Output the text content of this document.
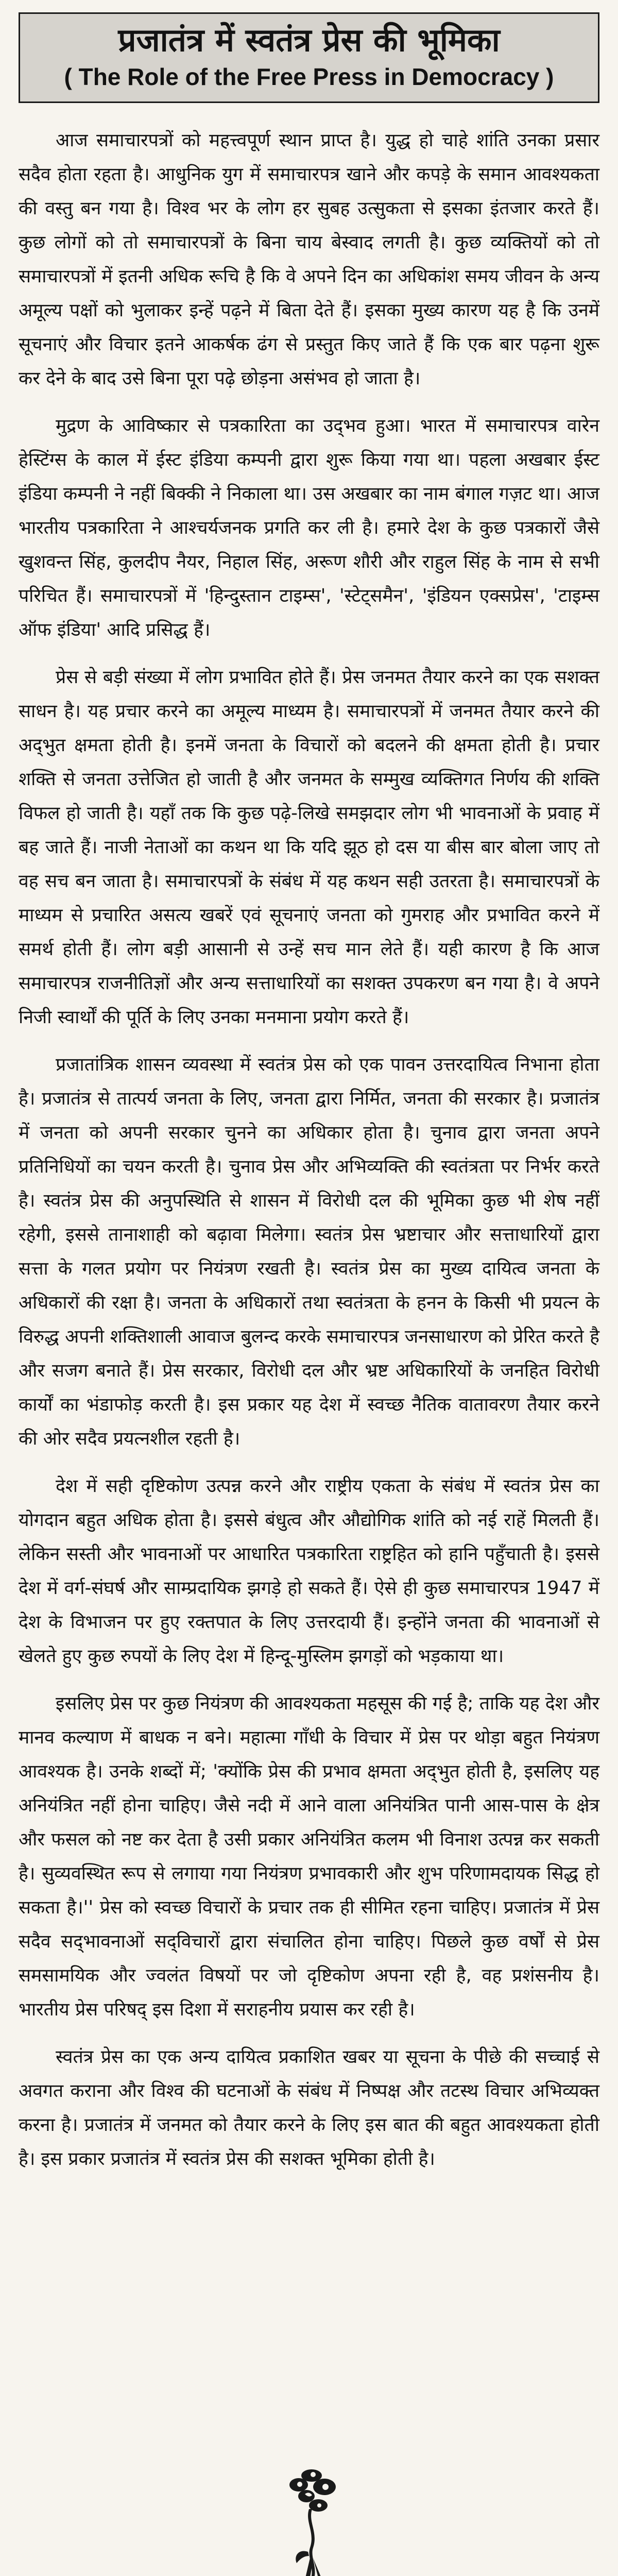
प्रजातंत्र में स्वतंत्र प्रेस की भूमिका
( The Role of the Free Press in Democracy )

आज समाचारपत्रों को महत्त्वपूर्ण स्थान प्राप्त है। युद्ध हो चाहे शांति उनका प्रसार सदैव होता रहता है। आधुनिक युग में समाचारपत्र खाने और कपड़े के समान आवश्यकता की वस्तु बन गया है। विश्व भर के लोग हर सुबह उत्सुकता से इसका इंतजार करते हैं। कुछ लोगों को तो समाचारपत्रों के बिना चाय बेस्वाद लगती है। कुछ व्यक्तियों को तो समाचारपत्रों में इतनी अधिक रूचि है कि वे अपने दिन का अधिकांश समय जीवन के अन्य अमूल्य पक्षों को भुलाकर इन्हें पढ़ने में बिता देते हैं। इसका मुख्य कारण यह है कि उनमें सूचनाएं और विचार इतने आकर्षक ढंग से प्रस्तुत किए जाते हैं कि एक बार पढ़ना शुरू कर देने के बाद उसे बिना पूरा पढ़े छोड़ना असंभव हो जाता है।

मुद्रण के आविष्कार से पत्रकारिता का उद्‌भव हुआ। भारत में समाचारपत्र वारेन हेस्टिंग्स के काल में ईस्ट इंडिया कम्पनी द्वारा शुरू किया गया था। पहला अखबार ईस्ट इंडिया कम्पनी ने नहीं बिक्की ने निकाला था। उस अखबार का नाम बंगाल गज़ट था। आज भारतीय पत्रकारिता ने आश्चर्यजनक प्रगति कर ली है। हमारे देश के कुछ पत्रकारों जैसे खुशवन्त सिंह, कुलदीप नैयर, निहाल सिंह, अरूण शौरी और राहुल सिंह के नाम से सभी परिचित हैं। समाचारपत्रों में 'हिन्दुस्तान टाइम्स', 'स्टेट्समैन', 'इंडियन एक्सप्रेस', 'टाइम्स ऑफ इंडिया' आदि प्रसिद्ध हैं।

प्रेस से बड़ी संख्या में लोग प्रभावित होते हैं। प्रेस जनमत तैयार करने का एक सशक्त साधन है। यह प्रचार करने का अमूल्य माध्यम है। समाचारपत्रों में जनमत तैयार करने की अद्‌भुत क्षमता होती है। इनमें जनता के विचारों को बदलने की क्षमता होती है। प्रचार शक्ति से जनता उत्तेजित हो जाती है और जनमत के सम्मुख व्यक्तिगत निर्णय की शक्ति विफल हो जाती है। यहाँ तक कि कुछ पढ़े-लिखे समझदार लोग भी भावनाओं के प्रवाह में बह जाते हैं। नाजी नेताओं का कथन था कि यदि झूठ हो दस या बीस बार बोला जाए तो वह सच बन जाता है। समाचारपत्रों के संबंध में यह कथन सही उतरता है। समाचारपत्रों के माध्यम से प्रचारित असत्य खबरें एवं सूचनाएं जनता को गुमराह और प्रभावित करने में समर्थ होती हैं। लोग बड़ी आसानी से उन्हें सच मान लेते हैं। यही कारण है कि आज समाचारपत्र राजनीतिज्ञों और अन्य सत्ताधारियों का सशक्त उपकरण बन गया है। वे अपने निजी स्वार्थों की पूर्ति के लिए उनका मनमाना प्रयोग करते हैं।

प्रजातांत्रिक शासन व्यवस्था में स्वतंत्र प्रेस को एक पावन उत्तरदायित्व निभाना होता है। प्रजातंत्र से तात्पर्य जनता के लिए, जनता द्वारा निर्मित, जनता की सरकार है। प्रजातंत्र में जनता को अपनी सरकार चुनने का अधिकार होता है। चुनाव द्वारा जनता अपने प्रतिनिधियों का चयन करती है। चुनाव प्रेस और अभिव्यक्ति की स्वतंत्रता पर निर्भर करते है। स्वतंत्र प्रेस की अनुपस्थिति से शासन में विरोधी दल की भूमिका कुछ भी शेष नहीं रहेगी, इससे तानाशाही को बढ़ावा मिलेगा। स्वतंत्र प्रेस भ्रष्टाचार और सत्ताधारियों द्वारा सत्ता के गलत प्रयोग पर नियंत्रण रखती है। स्वतंत्र प्रेस का मुख्य दायित्व जनता के अधिकारों की रक्षा है। जनता के अधिकारों तथा स्वतंत्रता के हनन के किसी भी प्रयत्न के विरुद्ध अपनी शक्तिशाली आवाज बुलन्द करके समाचारपत्र जनसाधारण को प्रेरित करते है और सजग बनाते हैं। प्रेस सरकार, विरोधी दल और भ्रष्ट अधिकारियों के जनहित विरोधी कार्यों का भंडाफोड़ करती है। इस प्रकार यह देश में स्वच्छ नैतिक वातावरण तैयार करने की ओर सदैव प्रयत्नशील रहती है।

देश में सही दृष्टिकोण उत्पन्न करने और राष्ट्रीय एकता के संबंध में स्वतंत्र प्रेस का योगदान बहुत अधिक होता है। इससे बंधुत्व और औद्योगिक शांति को नई राहें मिलती हैं। लेकिन सस्ती और भावनाओं पर आधारित पत्रकारिता राष्ट्रहित को हानि पहुँचाती है। इससे देश में वर्ग-संघर्ष और साम्प्रदायिक झगड़े हो सकते हैं। ऐसे ही कुछ समाचारपत्र 1947 में देश के विभाजन पर हुए रक्तपात के लिए उत्तरदायी हैं। इन्होंने जनता की भावनाओं से खेलते हुए कुछ रुपयों के लिए देश में हिन्दू-मुस्लिम झगड़ों को भड़काया था।

इसलिए प्रेस पर कुछ नियंत्रण की आवश्यकता महसूस की गई है; ताकि यह देश और मानव कल्याण में बाधक न बने। महात्मा गाँधी के विचार में प्रेस पर थोड़ा बहुत नियंत्रण आवश्यक है। उनके शब्दों में; 'क्योंकि प्रेस की प्रभाव क्षमता अद्‌भुत होती है, इसलिए यह अनियंत्रित नहीं होना चाहिए। जैसे नदी में आने वाला अनियंत्रित पानी आस-पास के क्षेत्र और फसल को नष्ट कर देता है उसी प्रकार अनियंत्रित कलम भी विनाश उत्पन्न कर सकती है। सुव्यवस्थित रूप से लगाया गया नियंत्रण प्रभावकारी और शुभ परिणामदायक सिद्ध हो सकता है।'' प्रेस को स्वच्छ विचारों के प्रचार तक ही सीमित रहना चाहिए। प्रजातंत्र में प्रेस सदैव सद्‌भावनाओं सद्‌विचारों द्वारा संचालित होना चाहिए। पिछले कुछ वर्षों से प्रेस समसामयिक और ज्वलंत विषयों पर जो दृष्टिकोण अपना रही है, वह प्रशंसनीय है। भारतीय प्रेस परिषद्‌ इस दिशा में सराहनीय प्रयास कर रही है।

स्वतंत्र प्रेस का एक अन्य दायित्व प्रकाशित खबर या सूचना के पीछे की सच्चाई से अवगत कराना और विश्व की घटनाओं के संबंध में निष्पक्ष और तटस्थ विचार अभिव्यक्त करना है। प्रजातंत्र में जनमत को तैयार करने के लिए इस बात की बहुत आवश्यकता होती है। इस प्रकार प्रजातंत्र में स्वतंत्र प्रेस की सशक्त भूमिका होती है।
